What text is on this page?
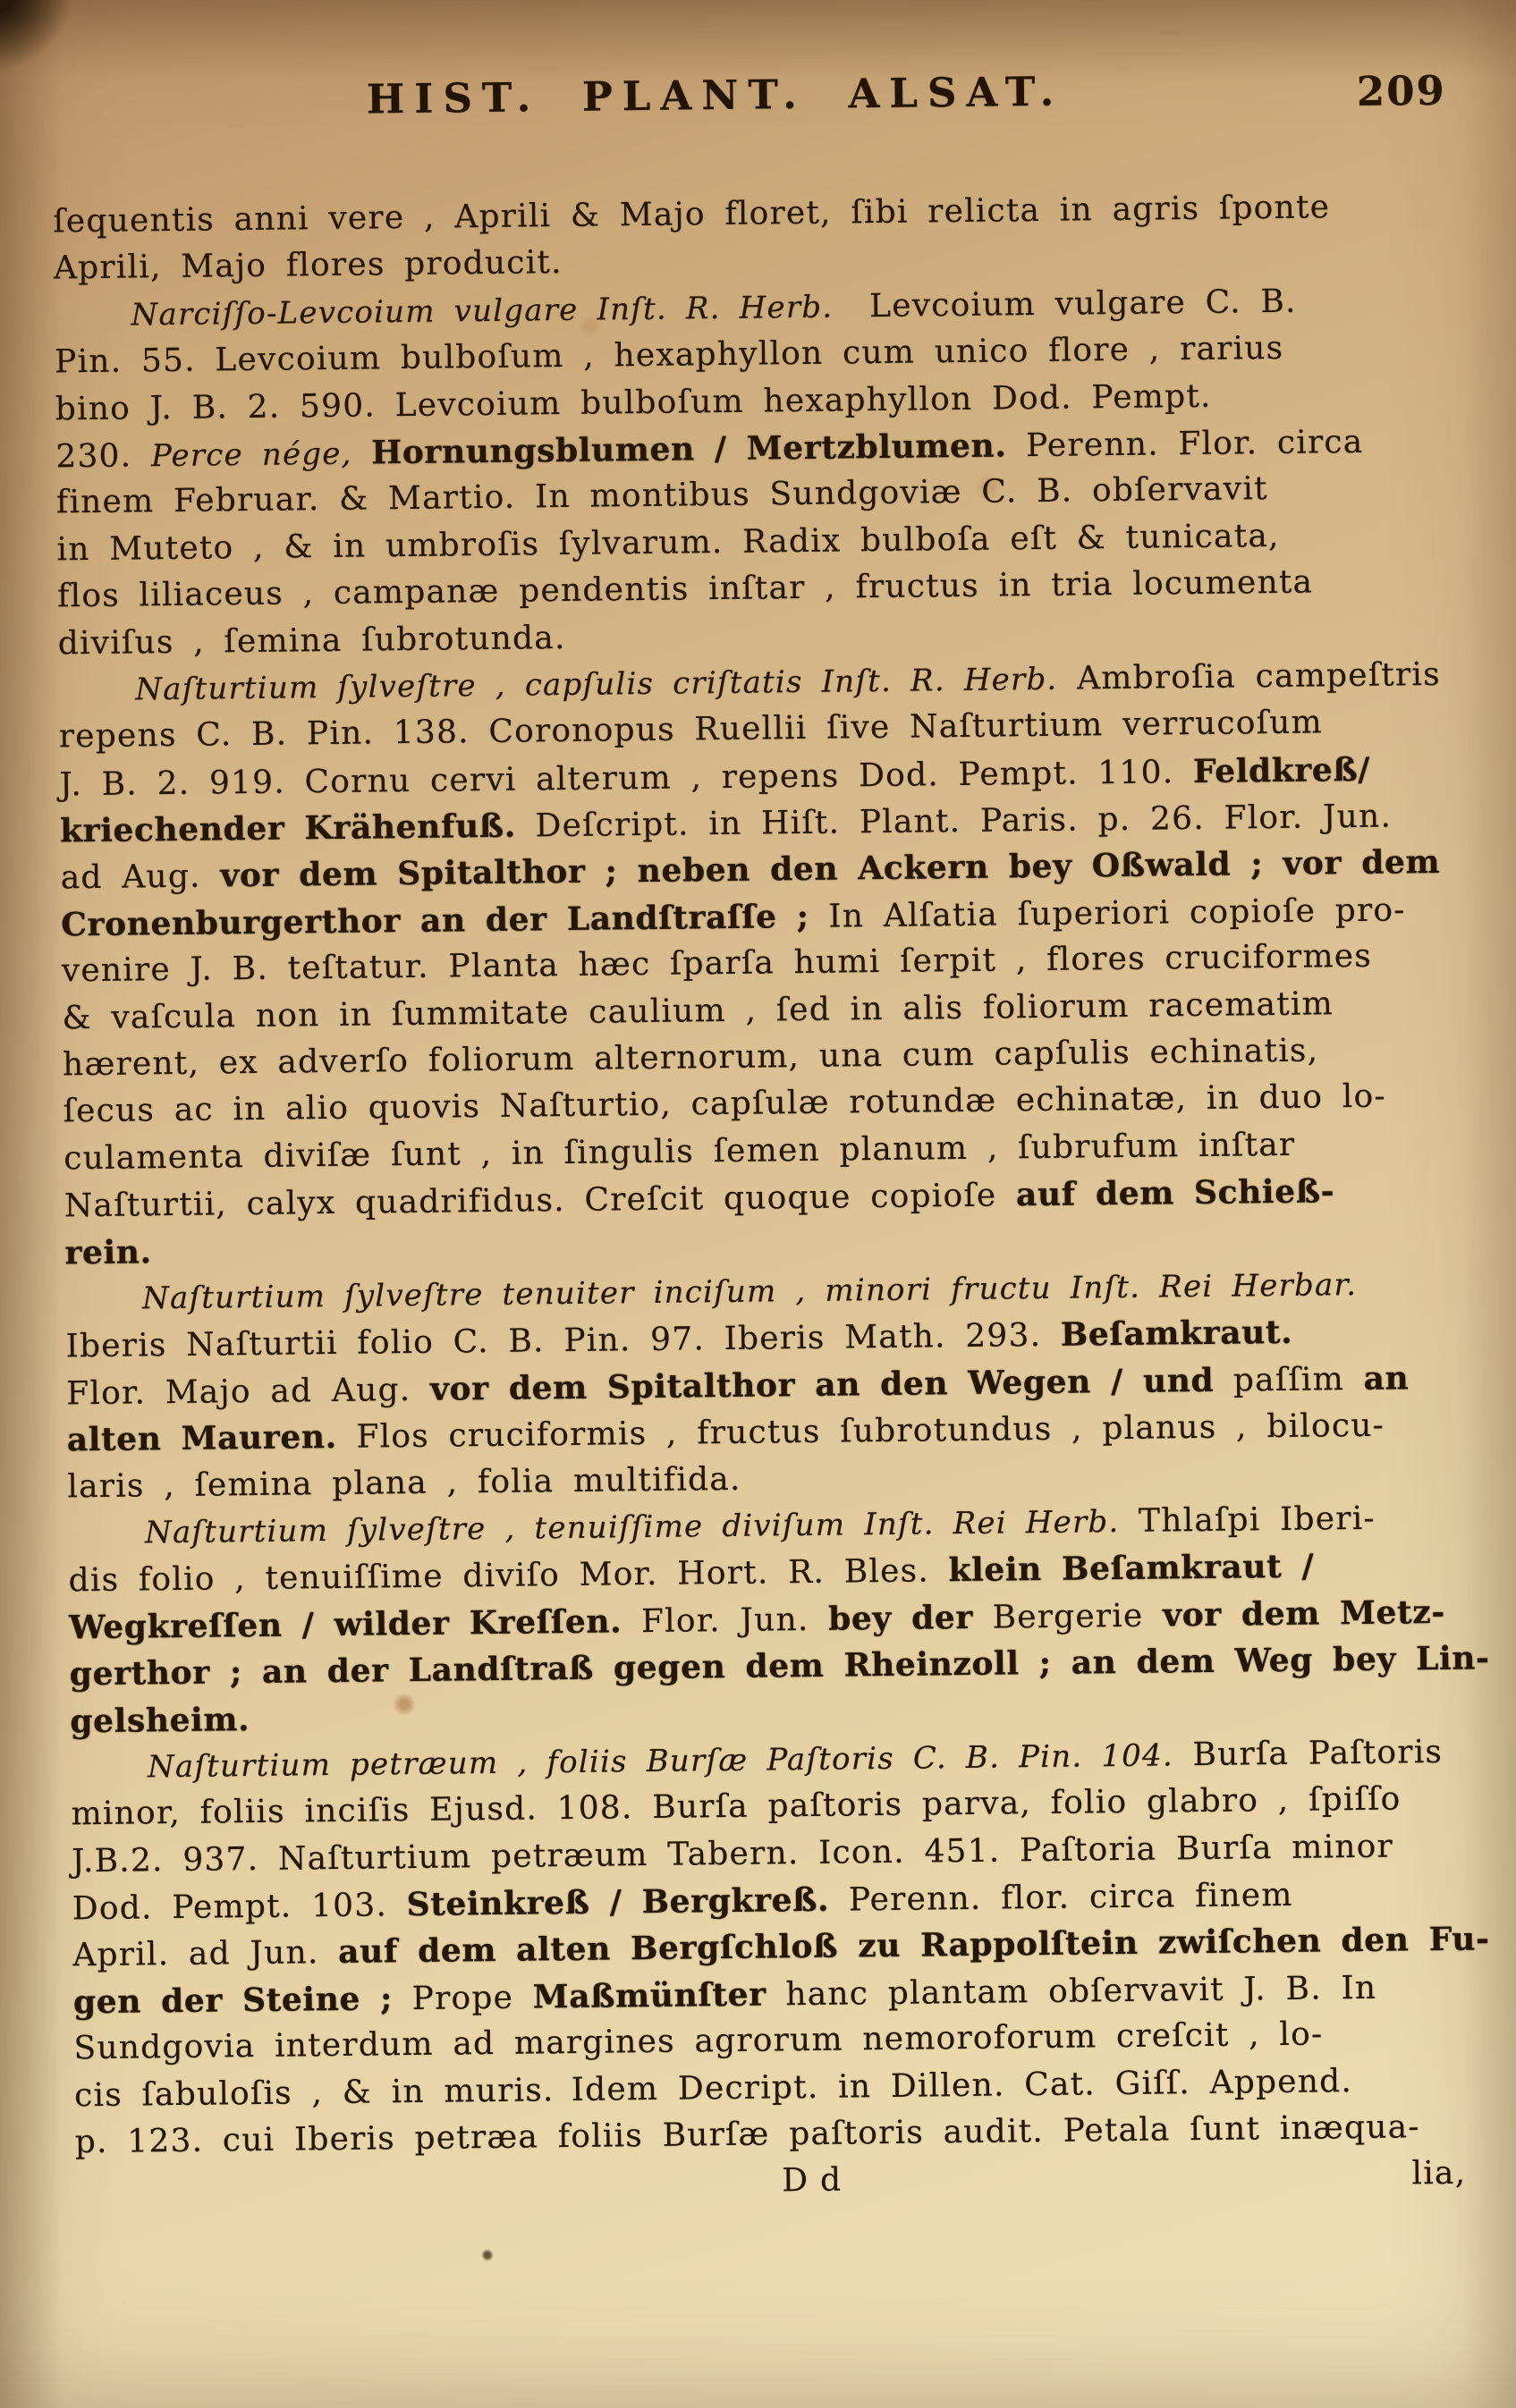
HIST. PLANT. ALSAT.	209
ſequentis anni vere , Aprili & Majo floret, ſibi relicta in agris ſponte
Aprili, Majo flores producit.
Narciſſo-Levcoium vulgare Inſt. R. Herb.  Levcoium vulgare C. B.
Pin. 55. Levcoium bulboſum , hexaphyllon cum unico flore , rarius
bino J. B. 2. 590. Levcoium bulboſum hexaphyllon Dod. Pempt.
230. Perce nége, Hornungsblumen / Mertzblumen. Perenn. Flor. circa
finem Februar. & Martio. In montibus Sundgoviæ C. B. obſervavit
in Muteto , & in umbroſis ſylvarum. Radix bulboſa eſt & tunicata,
flos liliaceus , campanæ pendentis inſtar , fructus in tria locumenta
diviſus , ſemina ſubrotunda.
Naſturtium ſylveſtre , capſulis criſtatis Inſt. R. Herb. Ambroſia campeſtris
repens C. B. Pin. 138. Coronopus Ruellii ſive Naſturtium verrucoſum
J. B. 2. 919. Cornu cervi alterum , repens Dod. Pempt. 110. Feldkreß/
kriechender Krähenfuß. Deſcript. in Hiſt. Plant. Paris. p. 26. Flor. Jun.
ad Aug. vor dem Spitalthor ; neben den Ackern bey Oßwald ; vor dem
Cronenburgerthor an der Landſtraſſe ; In Alſatia ſuperiori copioſe pro-
venire J. B. teſtatur. Planta hæc ſparſa humi ſerpit , flores cruciformes
& vaſcula non in ſummitate caulium , ſed in alis foliorum racematim
hærent, ex adverſo foliorum alternorum, una cum capſulis echinatis,
ſecus ac in alio quovis Naſturtio, capſulæ rotundæ echinatæ, in duo lo-
culamenta diviſæ ſunt , in ſingulis ſemen planum , ſubrufum inſtar
Naſturtii, calyx quadrifidus. Creſcit quoque copioſe auf dem Schieß-
rein.
Naſturtium ſylveſtre tenuiter inciſum , minori fructu Inſt. Rei Herbar.
Iberis Naſturtii folio C. B. Pin. 97. Iberis Math. 293. Beſamkraut.
Flor. Majo ad Aug. vor dem Spitalthor an den Wegen / und paſſim an
alten Mauren. Flos cruciformis , fructus ſubrotundus , planus , bilocu-
laris , ſemina plana , folia multifida.
Naſturtium ſylveſtre , tenuiſſime diviſum Inſt. Rei Herb. Thlaſpi Iberi-
dis folio , tenuiſſime diviſo Mor. Hort. R. Bles. klein Beſamkraut /
Wegkreſſen / wilder Kreſſen. Flor. Jun. bey der Bergerie vor dem Metz-
gerthor ; an der Landſtraß gegen dem Rheinzoll ; an dem Weg bey Lin-
gelsheim.
Naſturtium petræum , foliis Burſæ Paſtoris C. B. Pin. 104. Burſa Paſtoris
minor, foliis inciſis Ejusd. 108. Burſa paſtoris parva, folio glabro , ſpiſſo
J.B.2. 937. Naſturtium petræum Tabern. Icon. 451. Paſtoria Burſa minor
Dod. Pempt. 103. Steinkreß / Bergkreß. Perenn. flor. circa finem
April. ad Jun. auf dem alten Bergſchloß zu Rappolſtein zwiſchen den Fu-
gen der Steine ; Prope Maßmünſter hanc plantam obſervavit J. B. In
Sundgovia interdum ad margines agrorum nemoroforum creſcit , lo-
cis ſabuloſis , & in muris. Idem Decript. in Dillen. Cat. Giſſ. Append.
p. 123. cui Iberis petræa foliis Burſæ paſtoris audit. Petala ſunt inæqua-
D d	lia,
